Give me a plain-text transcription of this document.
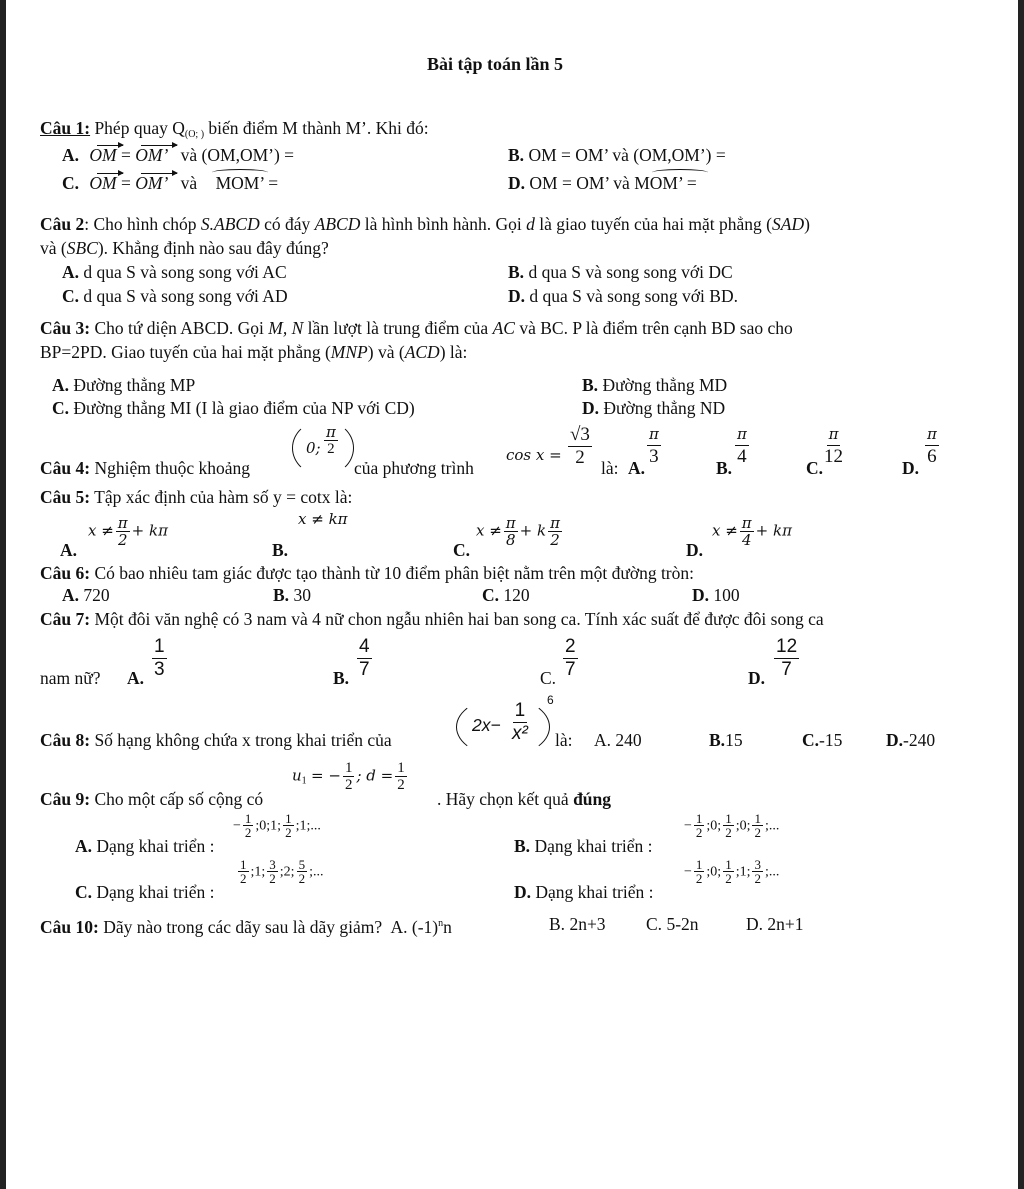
Bài tập toán lần 5
Câu 1: Phép quay $Q_{(O; )}$ biến điểm M thành M’. Khi đó:
A. OM = OM’ và (OM,OM’) =	B. OM = OM’ và (OM,OM’) =
C. OM = OM’ và MOM’ =	D. OM = OM’ và MOM’ =
Câu 2: Cho hình chóp S.ABCD có đáy ABCD là hình bình hành. Gọi d là giao tuyến của hai mặt phẳng (SAD)
và (SBC). Khẳng định nào sau đây đúng?
A. d qua S và song song với AC	B. d qua S và song song với DC
C. d qua S và song song với AD	D. d qua S và song song với BD.
Câu 3: Cho tứ diện ABCD. Gọi M, N lần lượt là trung điểm của AC và BC. P là điểm trên cạnh BD sao cho
BP=2PD. Giao tuyến của hai mặt phẳng (MNP) và (ACD) là:
A. Đường thẳng MP	B. Đường thẳng MD
C. Đường thẳng MI (I là giao điểm của NP với CD)	D. Đường thẳng ND
Câu 4: Nghiệm thuộc khoảng
0; $\frac{\pi}{2}$
của phương trình
$\cos x = \frac{√3}{2}$ là: A. $\frac{\pi}{3}$	B. $\frac{\pi}{4}$	C.
$\frac{\pi}{12}$	D. $\frac{\pi}{6}$
Câu 5: Tập xác định của hàm số y = cotx là:
A.
$x \ne \frac{\pi}{2} + k\pi$
B.
x ≠ kπ
C.
$x \ne \frac{\pi}{8} + k \frac{\pi}{2}$
D.
$x \ne \frac{\pi}{4} + k\pi$
Câu 6: Có bao nhiêu tam giác được tạo thành từ 10 điểm phân biệt nằm trên một đường tròn:
A. 720	B. 30	C. 120	D. 100
Câu 7: Một đôi văn nghệ có 3 nam và 4 nữ chon ngẫu nhiên hai ban song ca. Tính xác suất để được đôi song ca
nam nữ? A. $\frac{1}{3}$	B. $\frac{4}{7}$	C. $\frac{2}{7}$	D. $\frac{12}{7}$
Câu 8: Số hạng không chứa x trong khai triển của
$2x- \frac{1}{\text{x²}} 6$
là: A. 240	B.15	C.-15 D.-240
Câu 9: Cho một cấp số cộng có
$u_1$ = − $\frac{1}{2}$ ; $d = \frac{1}{2}$
. Hãy chọn kết quả đúng
A. Dạng khai triển :
− $\frac{1}{2}$ ;0;1; $\frac{1}{2}$ ;1;...
B. Dạng khai triển :
− $\frac{1}{2}$ ;0; $\frac{1}{2}$ ;0; $\frac{1}{2}$ ;...
C. Dạng khai triển :
$\frac{1}{2}$ ;1; $\frac{3}{2}$ ;2; $\frac{5}{2}$ ;...
D. Dạng khai triển :
− $\frac{1}{2}$ ;0; $\frac{1}{2}$ ;1; $\frac{3}{2}$ ;...
Câu 10: Dãy nào trong các dãy sau là dãy giảm? A. $(-1)^nn$	B. 2n+3 C. 5-2n	D. 2n+1
